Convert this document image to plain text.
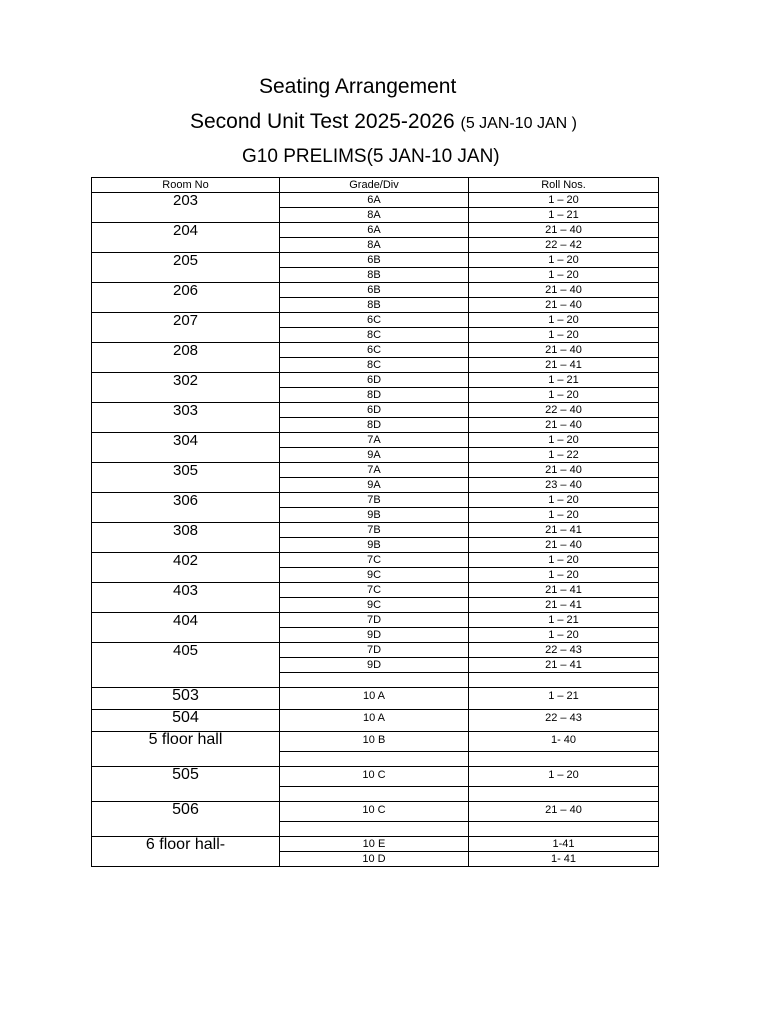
Seating Arrangement
Second Unit Test 2025-2026 (5 JAN-10 JAN )
G10 PRELIMS(5 JAN-10 JAN)
Room No	Grade/Div	Roll Nos.
203	6A	1 – 20
	8A	1 – 21
204	6A	21 – 40
	8A	22 – 42
205	6B	1 – 20
	8B	1 – 20
206	6B	21 – 40
	8B	21 – 40
207	6C	1 – 20
	8C	1 – 20
208	6C	21 – 40
	8C	21 – 41
302	6D	1 – 21
	8D	1 – 20
303	6D	22 – 40
	8D	21 – 40
304	7A	1 – 20
	9A	1 – 22
305	7A	21 – 40
	9A	23 – 40
306	7B	1 – 20
	9B	1 – 20
308	7B	21 – 41
	9B	21 – 40
402	7C	1 – 20
	9C	1 – 20
403	7C	21 – 41
	9C	21 – 41
404	7D	1 – 21
	9D	1 – 20
405	7D	22 – 43
	9D	21 – 41

503	10 A	1 – 21
504	10 A	22 – 43
5 floor hall	10 B	1- 40

505	10 C	1 – 20

506	10 C	21 – 40

6 floor hall-	10 E	1-41
	10 D	1- 41
